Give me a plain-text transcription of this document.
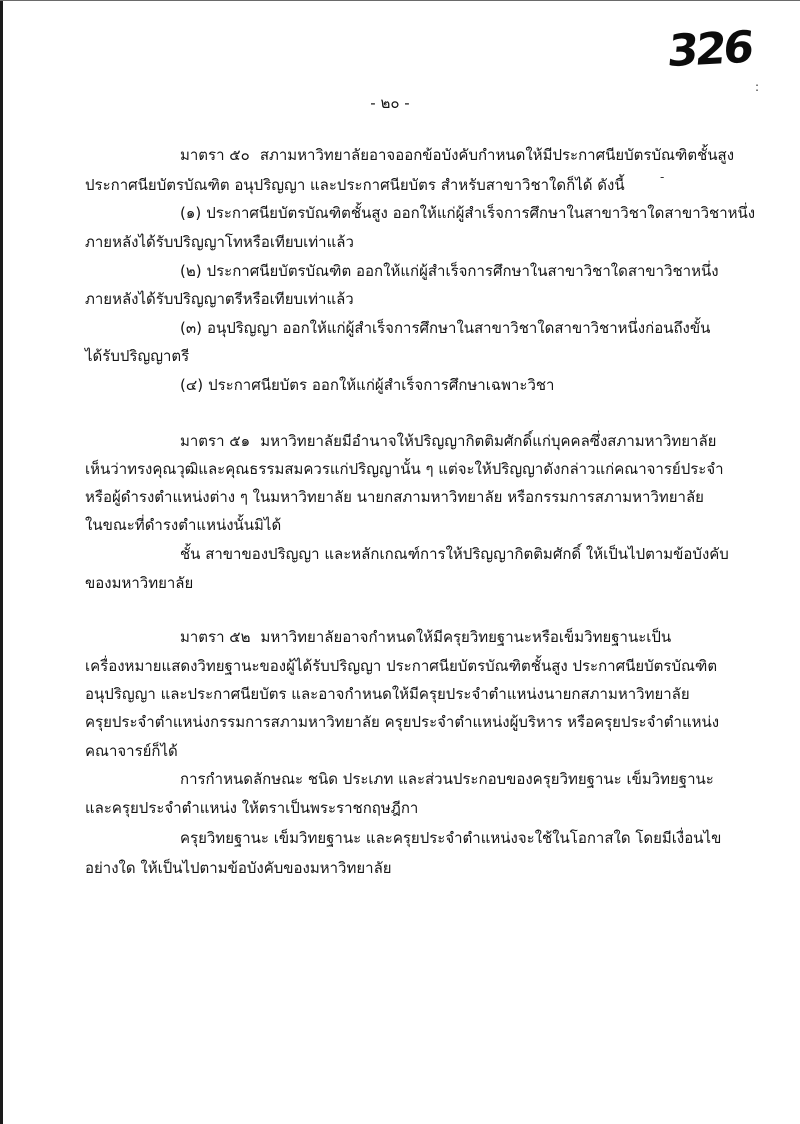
326
:
-
- ๒๐ -
มาตรา ๕๐ สภามหาวิทยาลัยอาจออกข้อบังคับกำหนดให้มีประกาศนียบัตรบัณฑิตชั้นสูง
ประกาศนียบัตรบัณฑิต อนุปริญญา และประกาศนียบัตร สำหรับสาขาวิชาใดก็ได้ ดังนี้
(๑) ประกาศนียบัตรบัณฑิตชั้นสูง ออกให้แก่ผู้สำเร็จการศึกษาในสาขาวิชาใดสาขาวิชาหนึ่ง
ภายหลังได้รับปริญญาโทหรือเทียบเท่าแล้ว
(๒) ประกาศนียบัตรบัณฑิต ออกให้แก่ผู้สำเร็จการศึกษาในสาขาวิชาใดสาขาวิชาหนึ่ง
ภายหลังได้รับปริญญาตรีหรือเทียบเท่าแล้ว
(๓) อนุปริญญา ออกให้แก่ผู้สำเร็จการศึกษาในสาขาวิชาใดสาขาวิชาหนึ่งก่อนถึงขั้น
ได้รับปริญญาตรี
(๔) ประกาศนียบัตร ออกให้แก่ผู้สำเร็จการศึกษาเฉพาะวิชา
มาตรา ๕๑ มหาวิทยาลัยมีอำนาจให้ปริญญากิตติมศักดิ์แก่บุคคลซึ่งสภามหาวิทยาลัย
เห็นว่าทรงคุณวุฒิและคุณธรรมสมควรแก่ปริญญานั้น ๆ แต่จะให้ปริญญาดังกล่าวแก่คณาจารย์ประจำ
หรือผู้ดำรงตำแหน่งต่าง ๆ ในมหาวิทยาลัย นายกสภามหาวิทยาลัย หรือกรรมการสภามหาวิทยาลัย
ในขณะที่ดำรงตำแหน่งนั้นมิได้
ชั้น สาขาของปริญญา และหลักเกณฑ์การให้ปริญญากิตติมศักดิ์ ให้เป็นไปตามข้อบังคับ
ของมหาวิทยาลัย
มาตรา ๕๒ มหาวิทยาลัยอาจกำหนดให้มีครุยวิทยฐานะหรือเข็มวิทยฐานะเป็น
เครื่องหมายแสดงวิทยฐานะของผู้ได้รับปริญญา ประกาศนียบัตรบัณฑิตชั้นสูง ประกาศนียบัตรบัณฑิต
อนุปริญญา และประกาศนียบัตร และอาจกำหนดให้มีครุยประจำตำแหน่งนายกสภามหาวิทยาลัย
ครุยประจำตำแหน่งกรรมการสภามหาวิทยาลัย ครุยประจำตำแหน่งผู้บริหาร หรือครุยประจำตำแหน่ง
คณาจารย์ก็ได้
การกำหนดลักษณะ ชนิด ประเภท และส่วนประกอบของครุยวิทยฐานะ เข็มวิทยฐานะ
และครุยประจำตำแหน่ง ให้ตราเป็นพระราชกฤษฎีกา
ครุยวิทยฐานะ เข็มวิทยฐานะ และครุยประจำตำแหน่งจะใช้ในโอกาสใด โดยมีเงื่อนไข
อย่างใด ให้เป็นไปตามข้อบังคับของมหาวิทยาลัย
